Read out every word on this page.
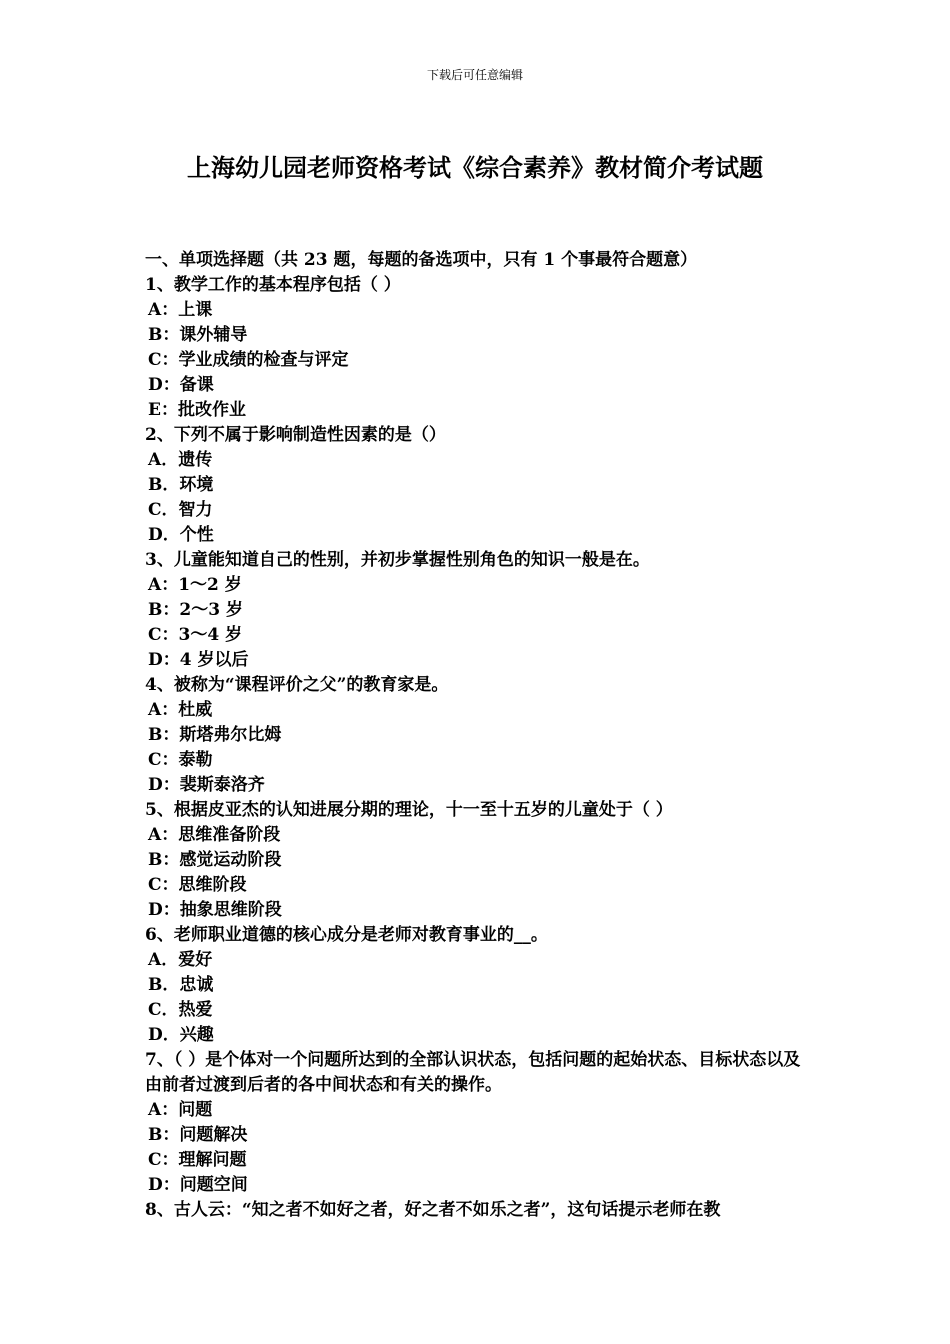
下载后可任意编辑
上海幼儿园老师资格考试《综合素养》教材简介考试题
一、单项选择题（共 23 题，每题的备选项中，只有 1 个事最符合题意）
1、教学工作的基本程序包括（ ）
A：上课
B：课外辅导
C：学业成绩的检查与评定
D：备课
E：批改作业
2、下列不属于影响制造性因素的是（）
A．遗传
B．环境
C．智力
D．个性
3、儿童能知道自己的性别，并初步掌握性别角色的知识一般是在。
A：1～2 岁
B：2～3 岁
C：3～4 岁
D：4 岁以后
4、被称为“课程评价之父”的教育家是。
A：杜威
B：斯塔弗尔比姆
C：泰勒
D：裴斯泰洛齐
5、根据皮亚杰的认知进展分期的理论，十一至十五岁的儿童处于（ ）
A：思维准备阶段
B：感觉运动阶段
C：思维阶段
D：抽象思维阶段
6、老师职业道德的核心成分是老师对教育事业的__。
A．爱好
B．忠诚
C．热爱
D．兴趣
7、（ ）是个体对一个问题所达到的全部认识状态，包括问题的起始状态、目标状态以及由前者过渡到后者的各中间状态和有关的操作。
A：问题
B：问题解决
C：理解问题
D：问题空间
8、古人云：“知之者不如好之者，好之者不如乐之者”，这句话提示老师在教
